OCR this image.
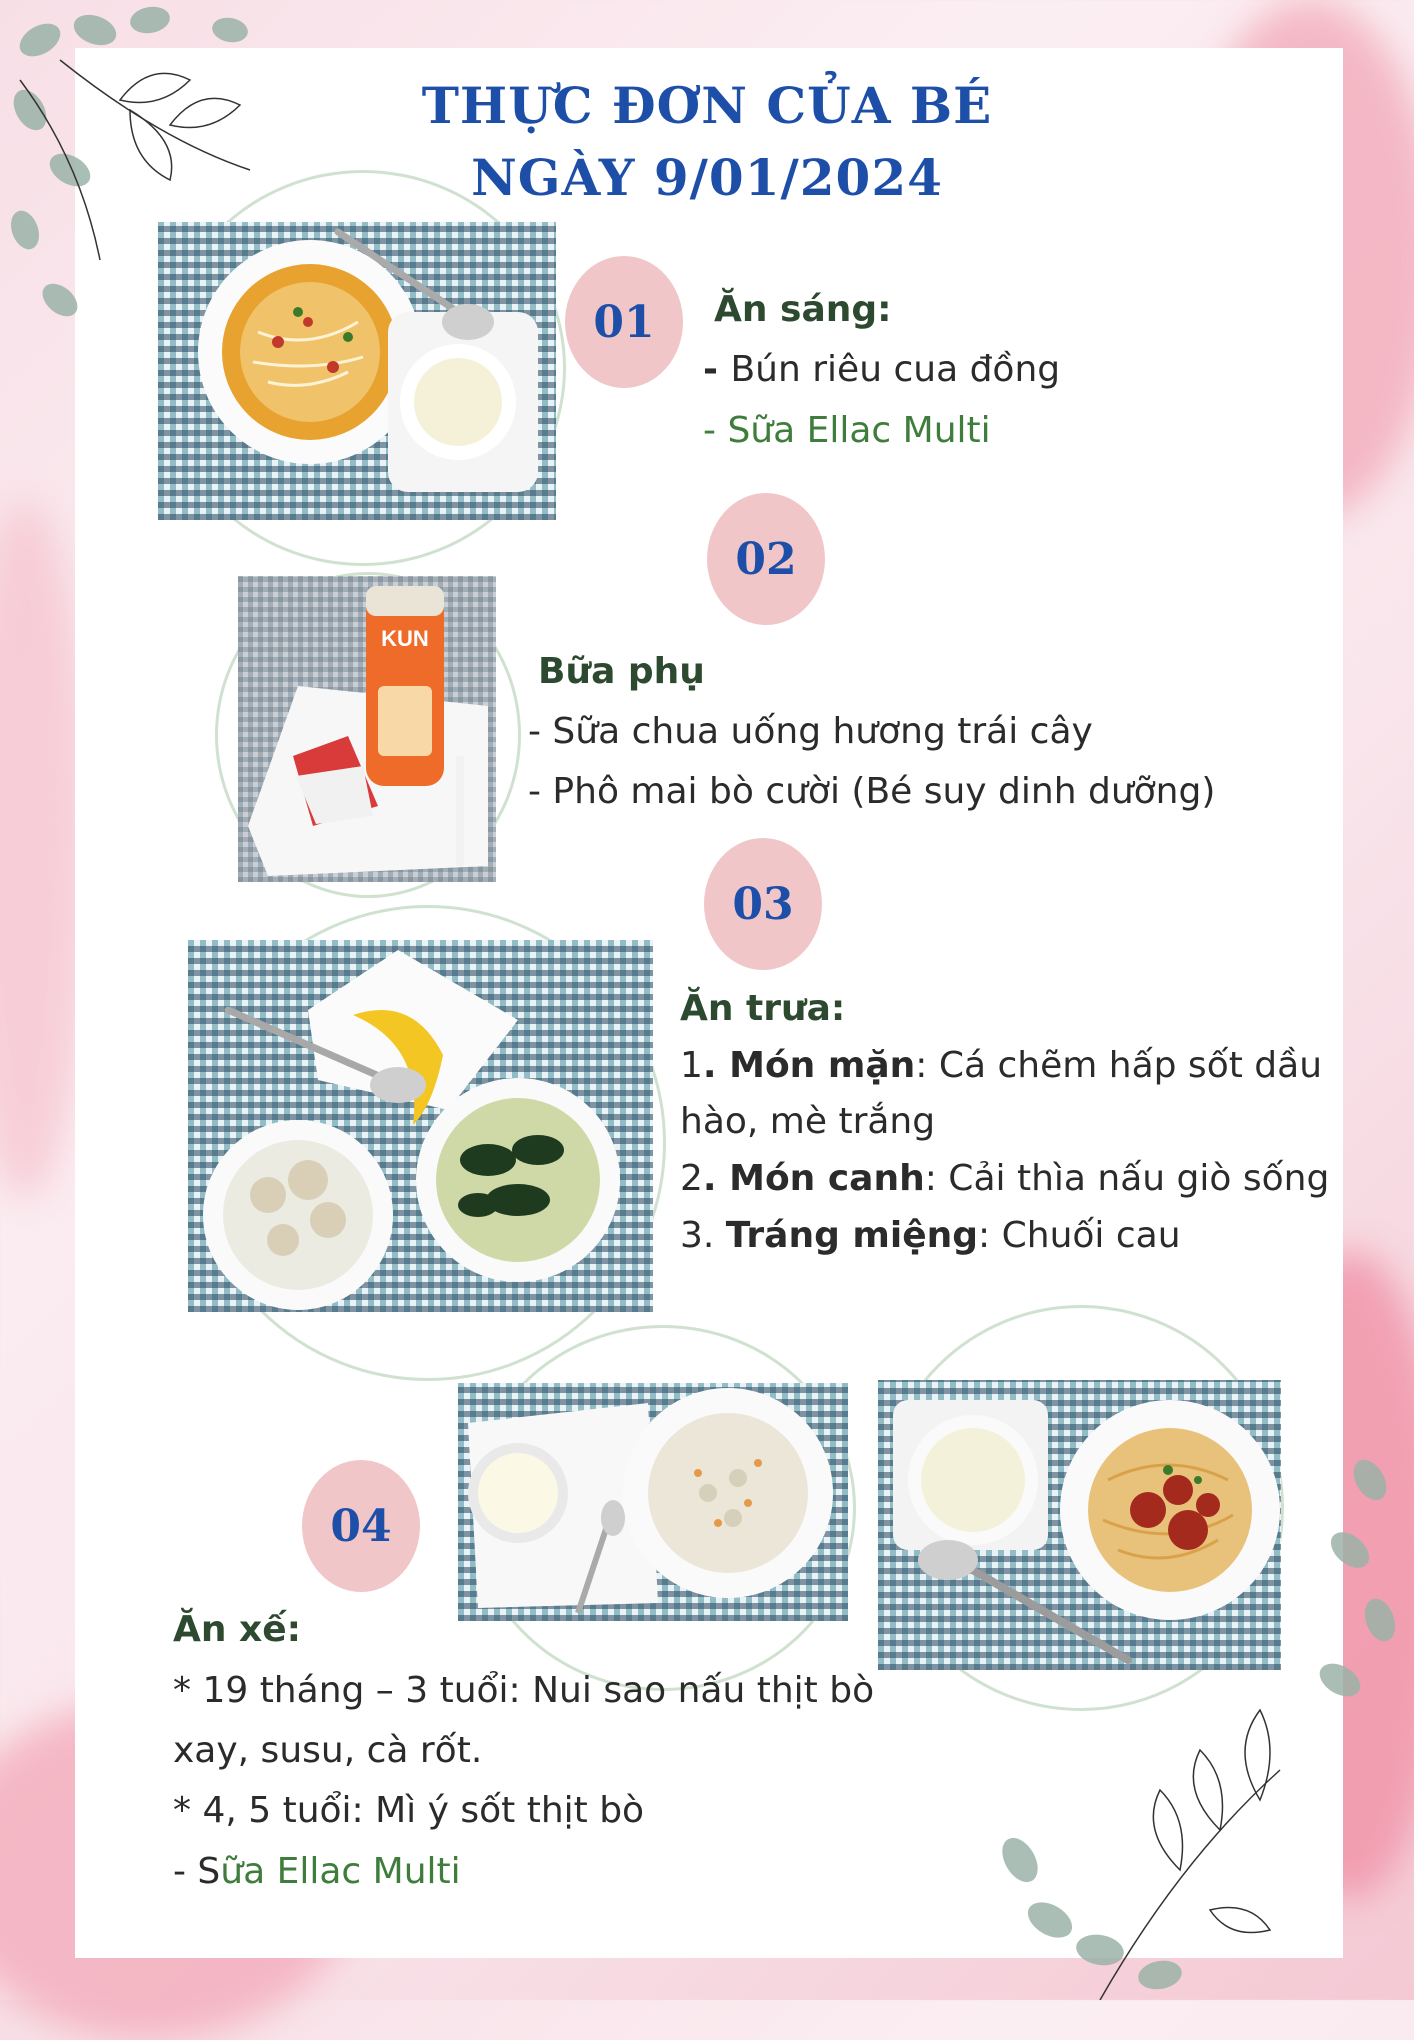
THỰC ĐƠN CỦA BÉ
NGÀY 9/01/2024
01	Ăn sáng:
- Bún riêu cua đồng
- Sữa Ellac Multi
02
KUN
Bữa phụ
- Sữa chua uống hương trái cây
- Phô mai bò cười (Bé suy dinh dưỡng)
03
Ăn trưa:
1. Món mặn: Cá chẽm hấp sốt dầu
hào, mè trắng
2. Món canh: Cải thìa nấu giò sống
3. Tráng miệng: Chuối cau
04
Ăn xế:
* 19 tháng – 3 tuổi: Nui sao nấu thịt bò
xay, susu, cà rốt.
* 4, 5 tuổi: Mì ý sốt thịt bò
- Sữa Ellac Multi
